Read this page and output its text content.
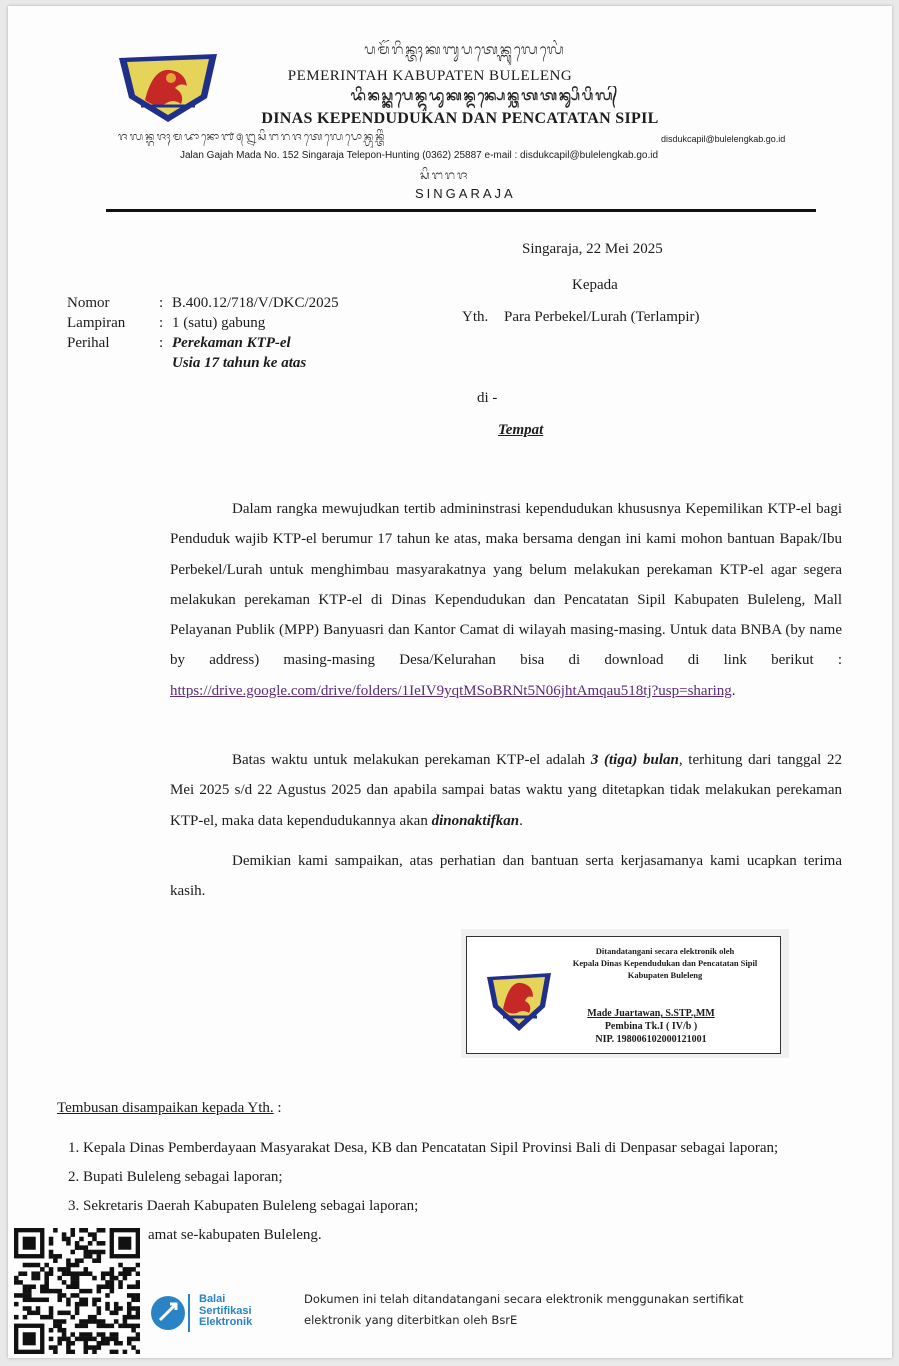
ᬧᬫᭂᬭᬶᬦ᭄ᬢᬄᬓᬩᬸᬧᬢᬾᬦ᭄ᬩᬸᬮᬾᬮᬾᬂ
PEMERINTAH KABUPATEN BULELENG
ᬤᬶᬦᬲ᭄ᬓᬧᬾᬦ᭄ᬤᬸᬤᬸᬓᬦ᭄ᬤᬦ᭄ᬧᬾᬦ᭄ᬘᬢᬢᬦ᭄ᬲᬶᬧᬶᬮ᭄
DINAS KEPENDUDUKAN DAN PENCATATAN SIPIL
ᬚᬮᬦ᭄ᬕᬚᬄᬫᬤᬵᬦᭀ᭑᭕᭒ᬲᬶᬗᬭᬚᬢᬾᬮᬾᬧᭀᬦ᭄ᬳᬸᬦ᭄ᬢᬶᬂ	disdukcapil@bulelengkab.go.id
Jalan Gajah Mada No. 152 Singaraja Telepon-Hunting (0362) 25887 e-mail : disdukcapil@bulelengkab.go.id
ᬲᬶᬗᬭᬚ
SINGARAJA
Singaraja, 22 Mei 2025
Kepada
Yth. Para Perbekel/Lurah (Terlampir)
Nomor	: B.400.12/718/V/DKC/2025
Lampiran : 1 (satu) gabung
Perihal	: Perekaman KTP-el
Usia 17 tahun ke atas
di -
Tempat
Dalam rangka mewujudkan tertib admininstrasi kependudukan khususnya Kepemilikan KTP-el bagi Penduduk wajib KTP-el berumur 17 tahun ke atas, maka bersama dengan ini kami mohon bantuan Bapak/Ibu Perbekel/Lurah untuk menghimbau masyarakatnya yang belum melakukan perekaman KTP-el agar segera melakukan perekaman KTP-el di Dinas Kependudukan dan Pencatatan Sipil Kabupaten Buleleng, Mall Pelayanan Publik (MPP) Banyuasri dan Kantor Camat di wilayah masing-masing. Untuk data BNBA (by name by address) masing-masing Desa/Kelurahan bisa di download di link berikut : https://drive.google.com/drive/folders/1IeIV9yqtMSoBRNt5N06jhtAmqau518tj?usp=sharing.
Batas waktu untuk melakukan perekaman KTP-el adalah 3 (tiga) bulan, terhitung dari tanggal 22 Mei 2025 s/d 22 Agustus 2025 dan apabila sampai batas waktu yang ditetapkan tidak melakukan perekaman KTP-el, maka data kependudukannya akan dinonaktifkan.
Demikian kami sampaikan, atas perhatian dan bantuan serta kerjasamanya kami ucapkan terima kasih.
Ditandatangani secara elektronik oleh
Kepala Dinas Kependudukan dan Pencatatan Sipil
Kabupaten Buleleng
Made Juartawan, S.STP.,MM
Pembina Tk.I ( IV/b )
NIP. 198006102000121001
Tembusan disampaikan kepada Yth. :
1. Kepala Dinas Pemberdayaan Masyarakat Desa, KB dan Pencatatan Sipil Provinsi Bali di Denpasar sebagai laporan;
2. Bupati Buleleng sebagai laporan;
3. Sekretaris Daerah Kabupaten Buleleng sebagai laporan;
amat se-kabupaten Buleleng.
Balai
Sertifikasi
Elektronik
Dokumen ini telah ditandatangani secara elektronik menggunakan sertifikat elektronik yang diterbitkan oleh BsrE
